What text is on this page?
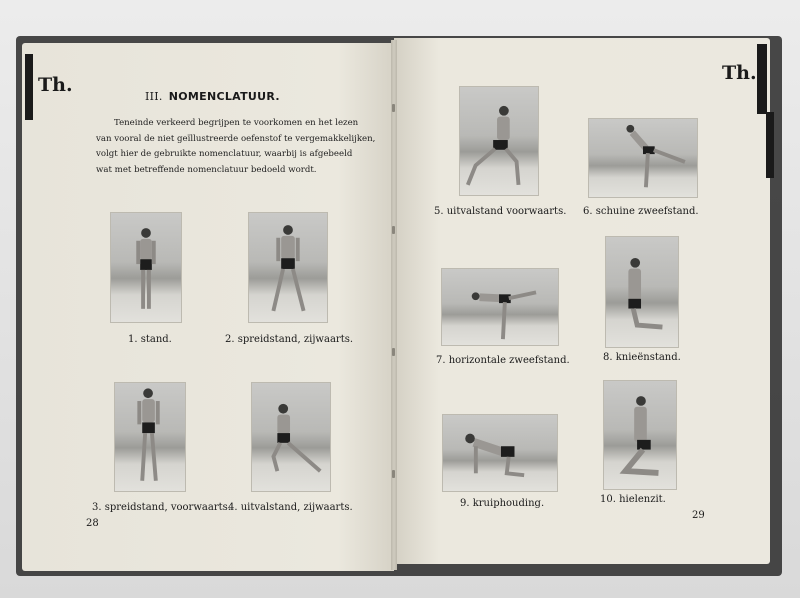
Th.
Th.
III. NOMENCLATUUR.
Teneinde verkeerd begrijpen te voorkomen en het lezen
van vooral de niet geïllustreerde oefenstof te vergemakkelijken,
volgt hier de gebruikte nomenclatuur, waarbij is afgebeeld
wat met betreffende nomenclatuur bedoeld wordt.
1. stand.	2. spreidstand, zijwaarts.
3. spreidstand, voorwaarts.
4. uitvalstand, zijwaarts.
28
5. uitvalstand voorwaarts. 6. schuine zweefstand.
7. horizontale zweefstand.	8. knieënstand.
9. kruiphouding.	10. hielenzit.
29
